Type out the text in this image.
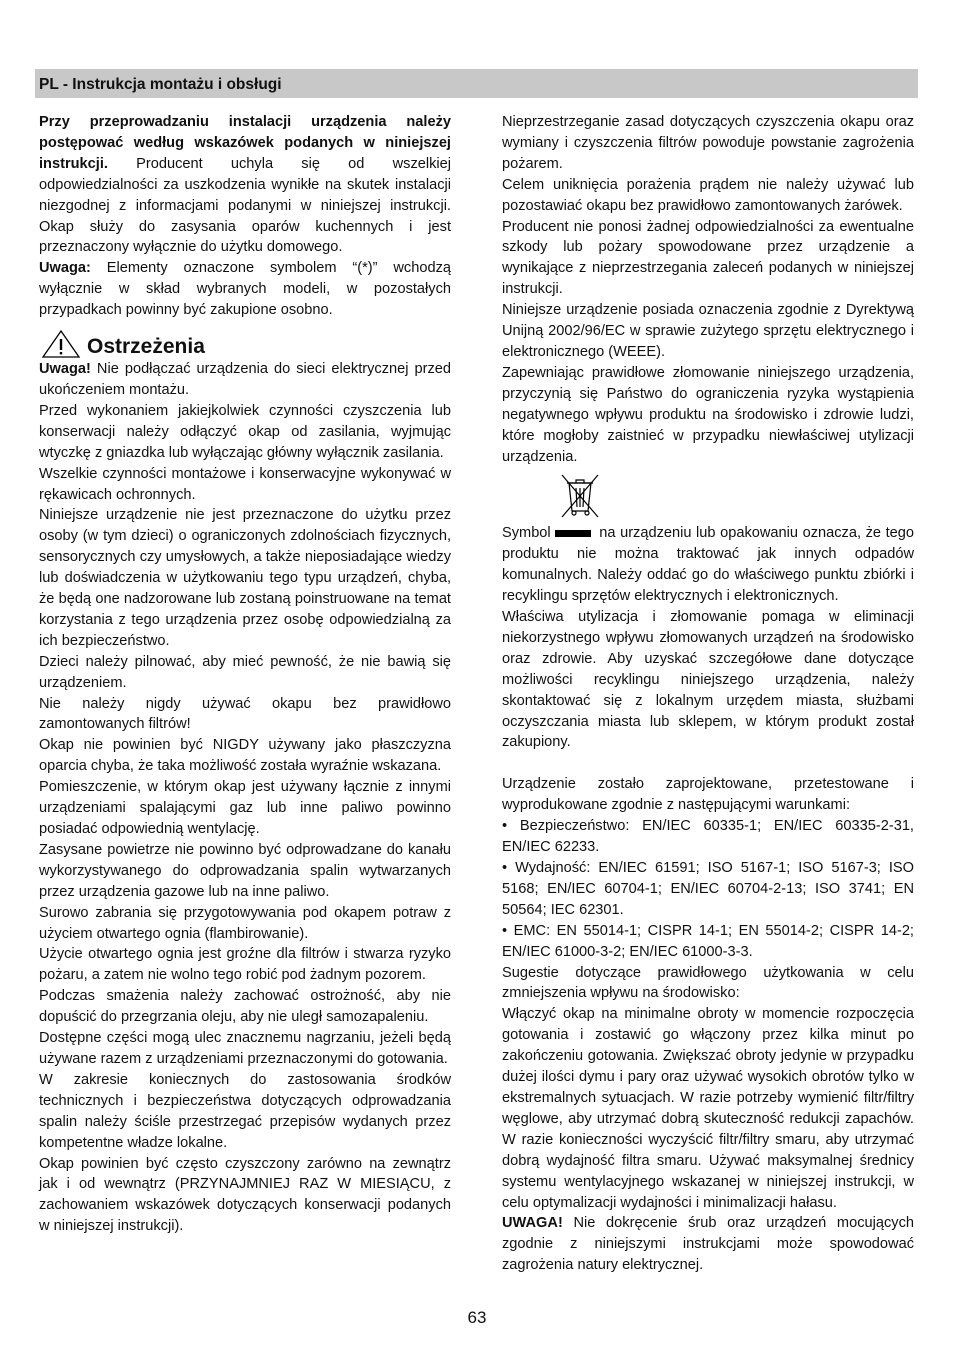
PL - Instrukcja montażu i obsługi

Przy przeprowadzaniu instalacji urządzenia należy postępować według wskazówek podanych w niniejszej instrukcji. Producent uchyla się od wszelkiej odpowiedzialności za uszkodzenia wynikłe na skutek instalacji niezgodnej z informacjami podanymi w niniejszej instrukcji. Okap służy do zasysania oparów kuchennych i jest przeznaczony wyłącznie do użytku domowego.

Uwaga: Elementy oznaczone symbolem “(*)” wchodzą wyłącznie w skład wybranych modeli, w pozostałych przypadkach powinny być zakupione osobno.

Ostrzeżenia

Uwaga! Nie podłączać urządzenia do sieci elektrycznej przed ukończeniem montażu.

Przed wykonaniem jakiejkolwiek czynności czyszczenia lub konserwacji należy odłączyć okap od zasilania, wyjmując wtyczkę z gniazdka lub wyłączając główny wyłącznik zasilania.

Wszelkie czynności montażowe i konserwacyjne wykonywać w rękawicach ochronnych.

Niniejsze urządzenie nie jest przeznaczone do użytku przez osoby (w tym dzieci) o ograniczonych zdolnościach fizycznych, sensorycznych czy umysłowych, a także nieposiadające wiedzy lub doświadczenia w użytkowaniu tego typu urządzeń, chyba, że będą one nadzorowane lub zostaną poinstruowane na temat korzystania z tego urządzenia przez osobę odpowiedzialną za ich bezpieczeństwo.

Dzieci należy pilnować, aby mieć pewność, że nie bawią się urządzeniem.

Nie należy nigdy używać okapu bez prawidłowo zamontowanych filtrów!

Okap nie powinien być NIGDY używany jako płaszczyzna oparcia chyba, że taka możliwość została wyraźnie wskazana.

Pomieszczenie, w którym okap jest używany łącznie z innymi urządzeniami spalającymi gaz lub inne paliwo powinno posiadać odpowiednią wentylację.

Zasysane powietrze nie powinno być odprowadzane do kanału wykorzystywanego do odprowadzania spalin wytwarzanych przez urządzenia gazowe lub na inne paliwo.

Surowo zabrania się przygotowywania pod okapem potraw z użyciem otwartego ognia (flambirowanie).

Użycie otwartego ognia jest groźne dla filtrów i stwarza ryzyko pożaru, a zatem nie wolno tego robić pod żadnym pozorem.

Podczas smażenia należy zachować ostrożność, aby nie dopuścić do przegrzania oleju, aby nie uległ samozapaleniu.

Dostępne części mogą ulec znacznemu nagrzaniu, jeżeli będą używane razem z urządzeniami przeznaczonymi do gotowania.

W zakresie koniecznych do zastosowania środków technicznych i bezpieczeństwa dotyczących odprowadzania spalin należy ściśle przestrzegać przepisów wydanych przez kompetentne władze lokalne.

Okap powinien być często czyszczony zarówno na zewnątrz jak i od wewnątrz (PRZYNAJMNIEJ RAZ W MIESIĄCU, z zachowaniem wskazówek dotyczących konserwacji podanych w niniejszej instrukcji).

Nieprzestrzeganie zasad dotyczących czyszczenia okapu oraz wymiany i czyszczenia filtrów powoduje powstanie zagrożenia pożarem.

Celem uniknięcia porażenia prądem nie należy używać lub pozostawiać okapu bez prawidłowo zamontowanych żarówek.

Producent nie ponosi żadnej odpowiedzialności za ewentualne szkody lub pożary spowodowane przez urządzenie a wynikające z nieprzestrzegania zaleceń podanych w niniejszej instrukcji.

Niniejsze urządzenie posiada oznaczenia zgodnie z Dyrektywą Unijną 2002/96/EC w sprawie zużytego sprzętu elektrycznego i elektronicznego (WEEE).

Zapewniając prawidłowe złomowanie niniejszego urządzenia, przyczynią się Państwo do ograniczenia ryzyka wystąpienia negatywnego wpływu produktu na środowisko i zdrowie ludzi, które mogłoby zaistnieć w przypadku niewłaściwej utylizacji urządzenia.

Symbol	na urządzeniu lub opakowaniu oznacza, że tego produktu nie można traktować jak innych odpadów komunalnych. Należy oddać go do właściwego punktu zbiórki i recyklingu sprzętów elektrycznych i elektronicznych.

Właściwa utylizacja i złomowanie pomaga w eliminacji niekorzystnego wpływu złomowanych urządzeń na środowisko oraz zdrowie. Aby uzyskać szczegółowe dane dotyczące możliwości recyklingu niniejszego urządzenia, należy skontaktować się z lokalnym urzędem miasta, służbami oczyszczania miasta lub sklepem, w którym produkt został zakupiony.

Urządzenie zostało zaprojektowane, przetestowane i wyprodukowane zgodnie z następującymi warunkami:

• Bezpieczeństwo: EN/IEC 60335-1; EN/IEC 60335-2-31, EN/IEC 62233.

• Wydajność: EN/IEC 61591; ISO 5167-1; ISO 5167-3; ISO 5168; EN/IEC 60704-1; EN/IEC 60704-2-13; ISO 3741; EN 50564; IEC 62301.

• EMC: EN 55014-1; CISPR 14-1; EN 55014-2; CISPR 14-2; EN/IEC 61000-3-2; EN/IEC 61000-3-3.

Sugestie dotyczące prawidłowego użytkowania w celu zmniejszenia wpływu na środowisko:

Włączyć okap na minimalne obroty w momencie rozpoczęcia gotowania i zostawić go włączony przez kilka minut po zakończeniu gotowania. Zwiększać obroty jedynie w przypadku dużej ilości dymu i pary oraz używać wysokich obrotów tylko w ekstremalnych sytuacjach. W razie potrzeby wymienić filtr/filtry węglowe, aby utrzymać dobrą skuteczność redukcji zapachów. W razie konieczności wyczyścić filtr/filtry smaru, aby utrzymać dobrą wydajność filtra smaru. Używać maksymalnej średnicy systemu wentylacyjnego wskazanej w niniejszej instrukcji, w celu optymalizacji wydajności i minimalizacji hałasu.

UWAGA! Nie dokręcenie śrub oraz urządzeń mocujących zgodnie z niniejszymi instrukcjami może spowodować zagrożenia natury elektrycznej.

63
